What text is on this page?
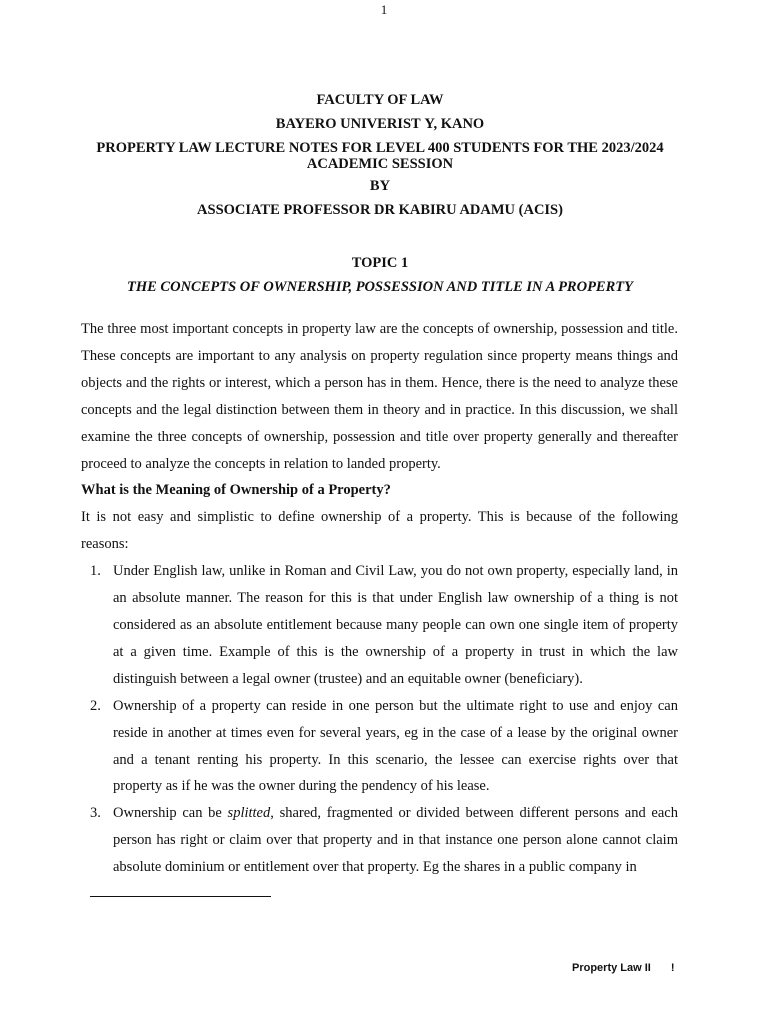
1
FACULTY OF LAW
BAYERO UNIVERIST Y, KANO
PROPERTY LAW LECTURE NOTES FOR LEVEL 400 STUDENTS FOR THE 2023/2024
ACADEMIC SESSION
BY
ASSOCIATE PROFESSOR DR KABIRU ADAMU (ACIS)
TOPIC 1
THE CONCEPTS OF OWNERSHIP, POSSESSION AND TITLE IN A PROPERTY

The three most important concepts in property law are the concepts of ownership, possession and title. These concepts are important to any analysis on property regulation since property means things and objects and the rights or interest, which a person has in them. Hence, there is the need to analyze these concepts and the legal distinction between them in theory and in practice. In this discussion, we shall examine the three concepts of ownership, possession and title over property generally and thereafter proceed to analyze the concepts in relation to landed property.

What is the Meaning of Ownership of a Property?

It is not easy and simplistic to define ownership of a property. This is because of the following reasons:

1. Under English law, unlike in Roman and Civil Law, you do not own property, especially land, in an absolute manner. The reason for this is that under English law ownership of a thing is not considered as an absolute entitlement because many people can own one single item of property at a given time. Example of this is the ownership of a property in trust in which the law distinguish between a legal owner (trustee) and an equitable owner (beneficiary).
2. Ownership of a property can reside in one person but the ultimate right to use and enjoy can reside in another at times even for several years, eg in the case of a lease by the original owner and a tenant renting his property. In this scenario, the lessee can exercise rights over that property as if he was the owner during the pendency of his lease.
3. Ownership can be splitted, shared, fragmented or divided between different persons and each person has right or claim over that property and in that instance one person alone cannot claim absolute dominium or entitlement over that property. Eg the shares in a public company in
Property Law II !
